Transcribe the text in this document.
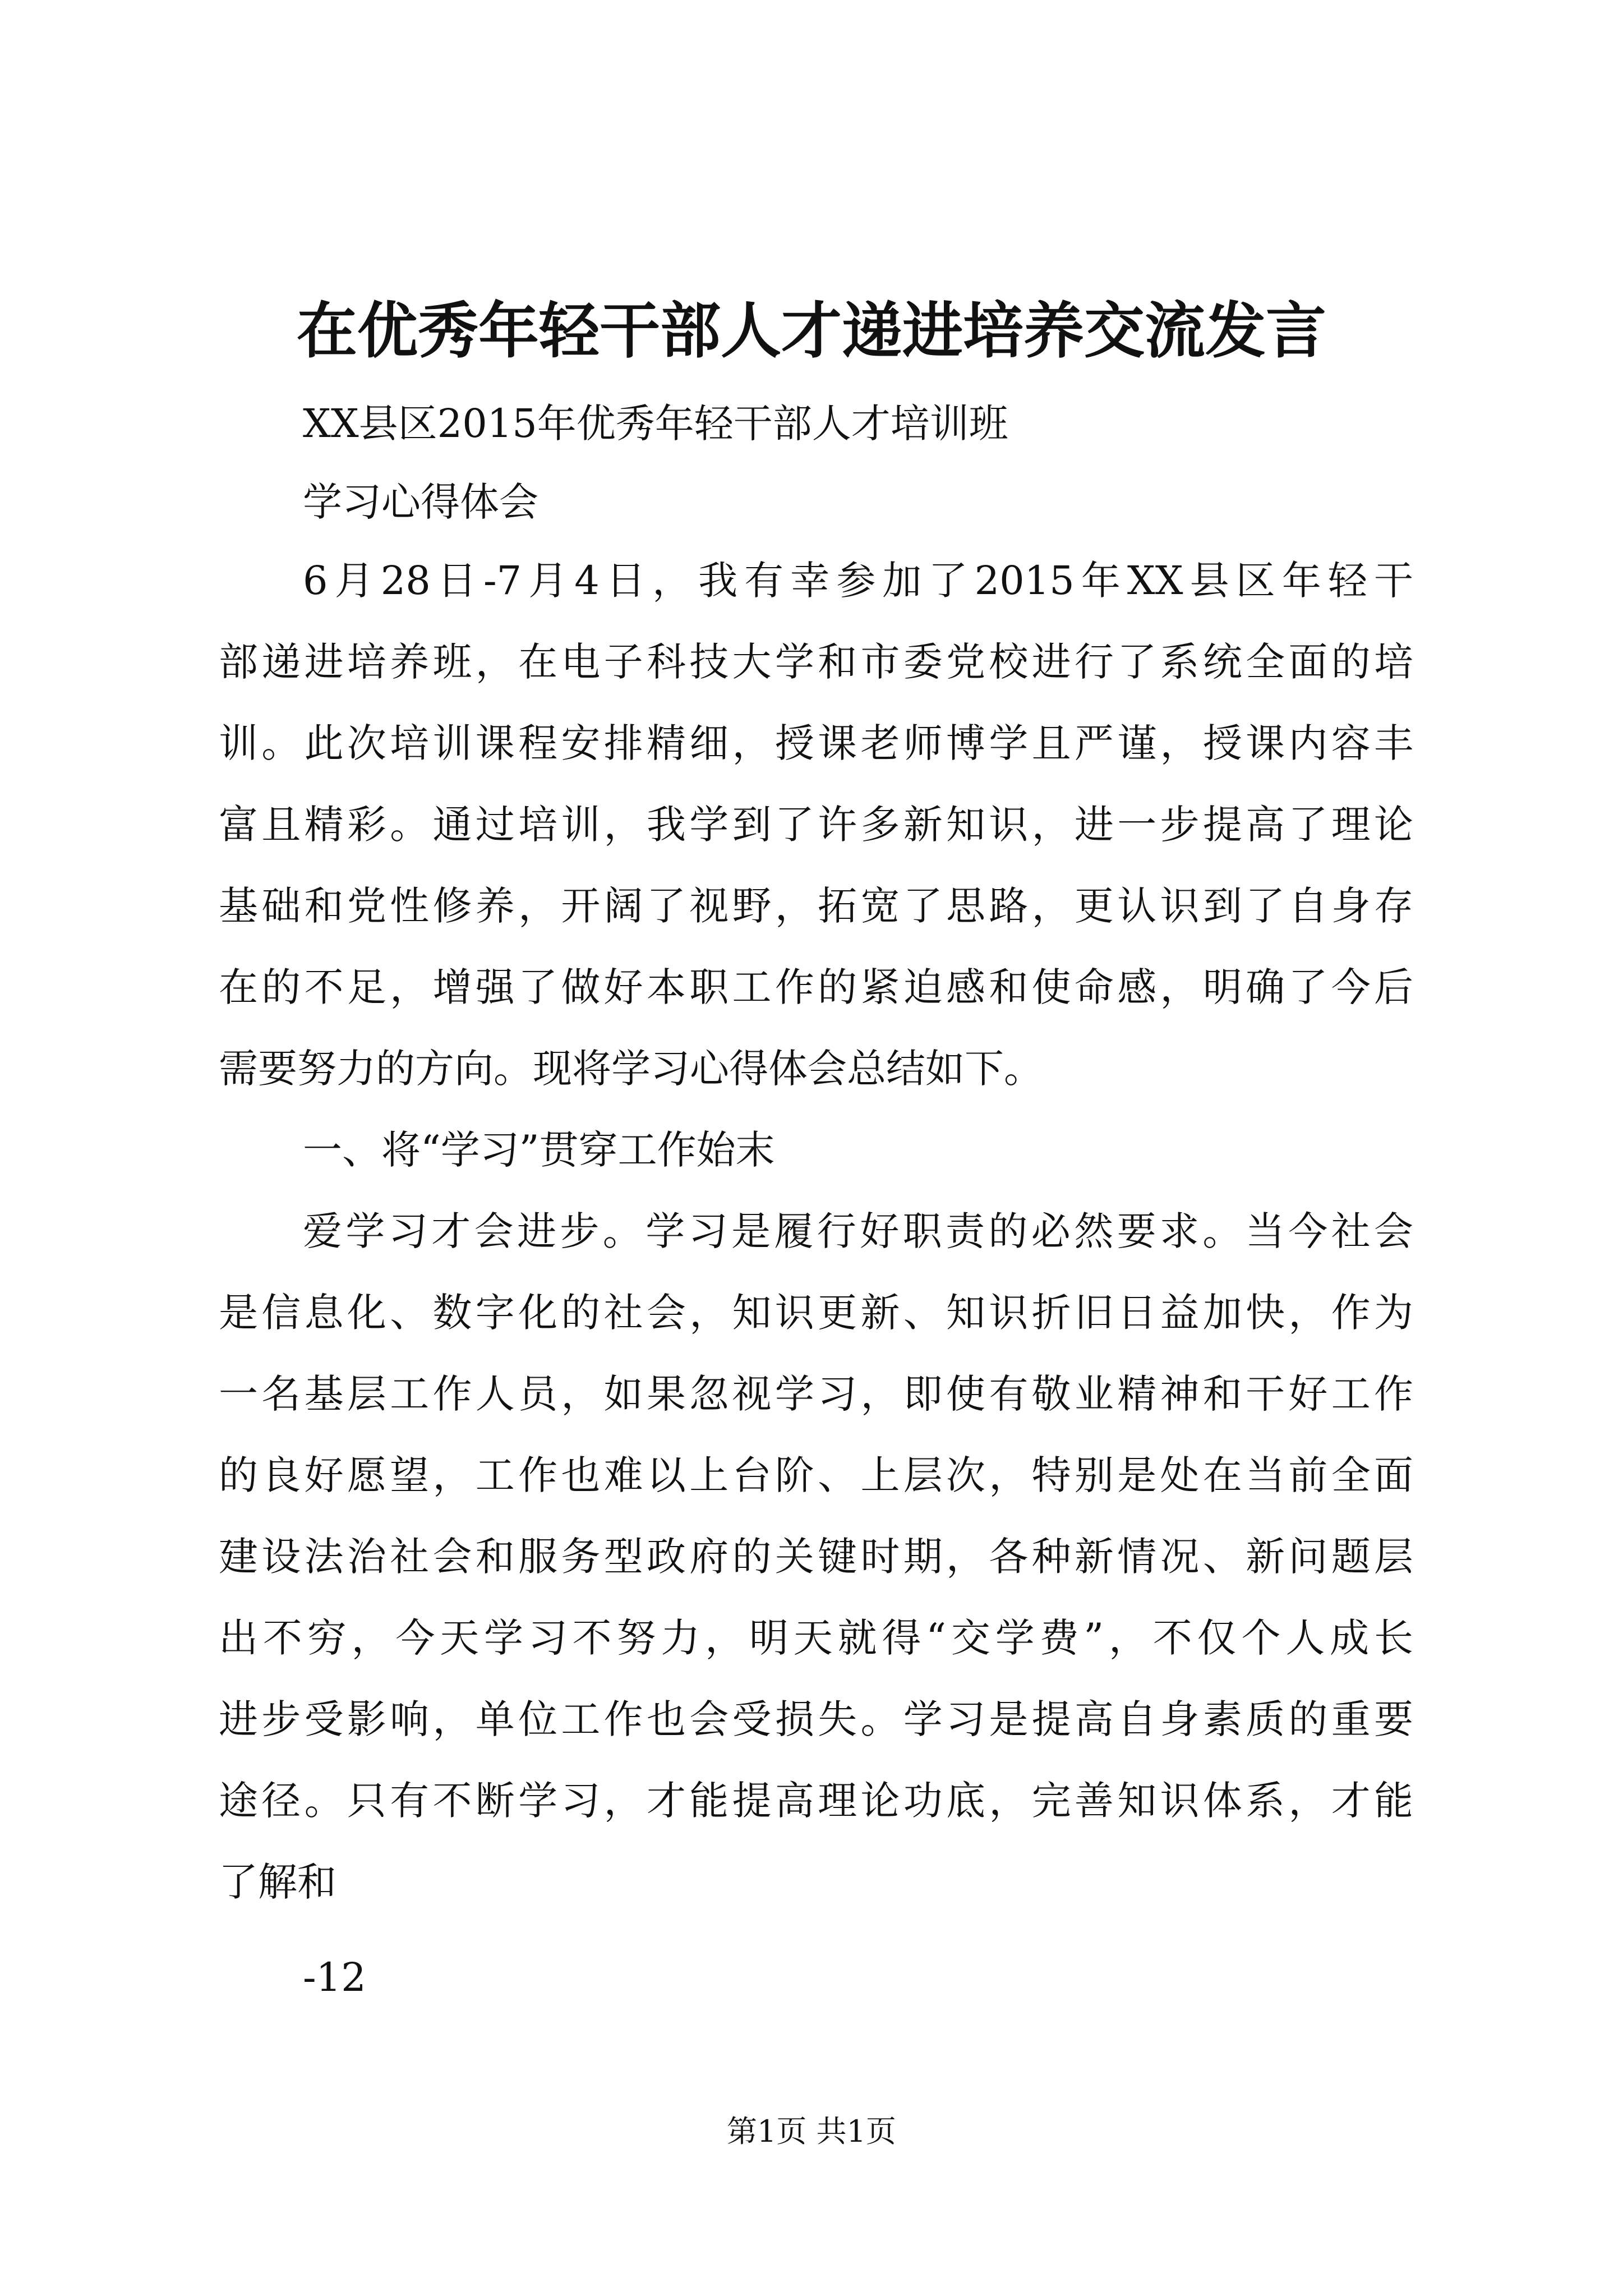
在优秀年轻干部人才递进培养交流发言
XX县区2015年优秀年轻干部人才培训班
学习心得体会
6月28日-7月4日，我有幸参加了2015年XX县区年轻干
部递进培养班，在电子科技大学和市委党校进行了系统全面的培
训。此次培训课程安排精细，授课老师博学且严谨，授课内容丰
富且精彩。通过培训，我学到了许多新知识，进一步提高了理论
基础和党性修养，开阔了视野，拓宽了思路，更认识到了自身存
在的不足，增强了做好本职工作的紧迫感和使命感，明确了今后
需要努力的方向。现将学习心得体会总结如下。
一、将“学习”贯穿工作始末
爱学习才会进步。学习是履行好职责的必然要求。当今社会
是信息化、数字化的社会，知识更新、知识折旧日益加快，作为
一名基层工作人员，如果忽视学习，即使有敬业精神和干好工作
的良好愿望，工作也难以上台阶、上层次，特别是处在当前全面
建设法治社会和服务型政府的关键时期，各种新情况、新问题层
出不穷，今天学习不努力，明天就得“交学费”，不仅个人成长
进步受影响，单位工作也会受损失。学习是提高自身素质的重要
途径。只有不断学习，才能提高理论功底，完善知识体系，才能
了解和
-12
第1页 共1页
